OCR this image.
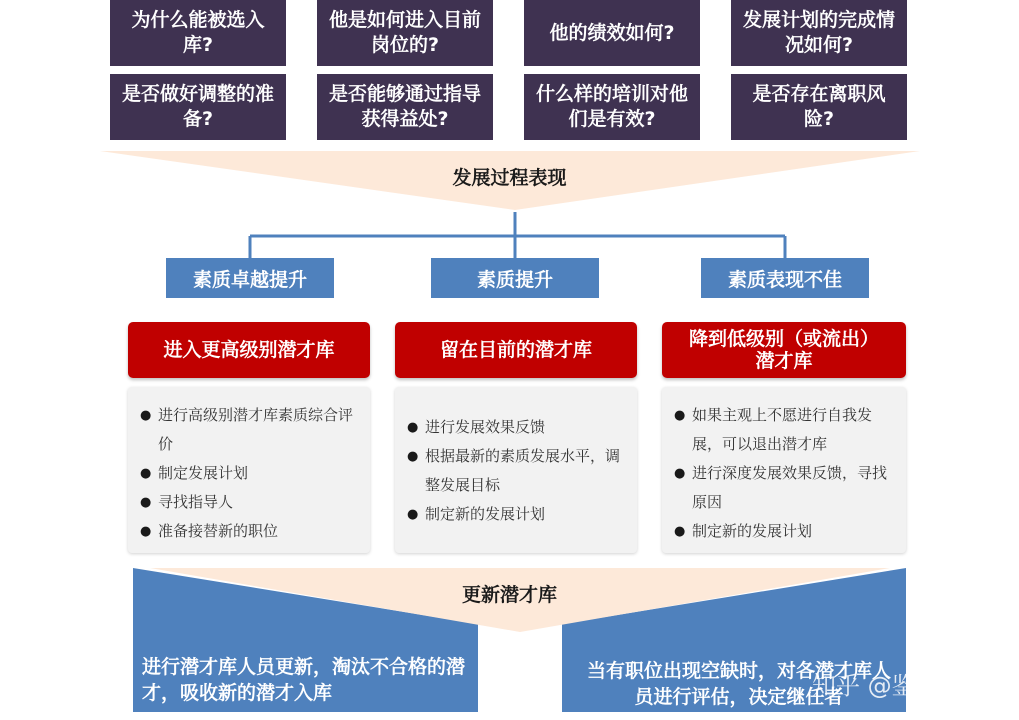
为什么能被选入库?
他是如何进入目前岗位的?
他的绩效如何?
发展计划的完成情况如何?
是否做好调整的准备?
是否能够通过指导获得益处?
什么样的培训对他们是有效?
是否存在离职风险?
发展过程表现
素质卓越提升	素质提升	素质表现不佳
进入更高级别潜才库	留在目前的潜才库	降到低级别（或流出）潜才库
● 进行高级别潜才库素质综合评价
● 制定发展计划
● 寻找指导人
● 准备接替新的职位
● 进行发展效果反馈
● 根据最新的素质发展水平，调整发展目标
● 制定新的发展计划
● 如果主观上不愿进行自我发展，可以退出潜才库
● 进行深度发展效果反馈，寻找原因
● 制定新的发展计划
更新潜才库
进行潜才库人员更新，淘汰不合格的潜才，吸收新的潜才入库
当有职位出现空缺时，对各潜才库人员进行评估，决定继任者
知乎 @鉴人
